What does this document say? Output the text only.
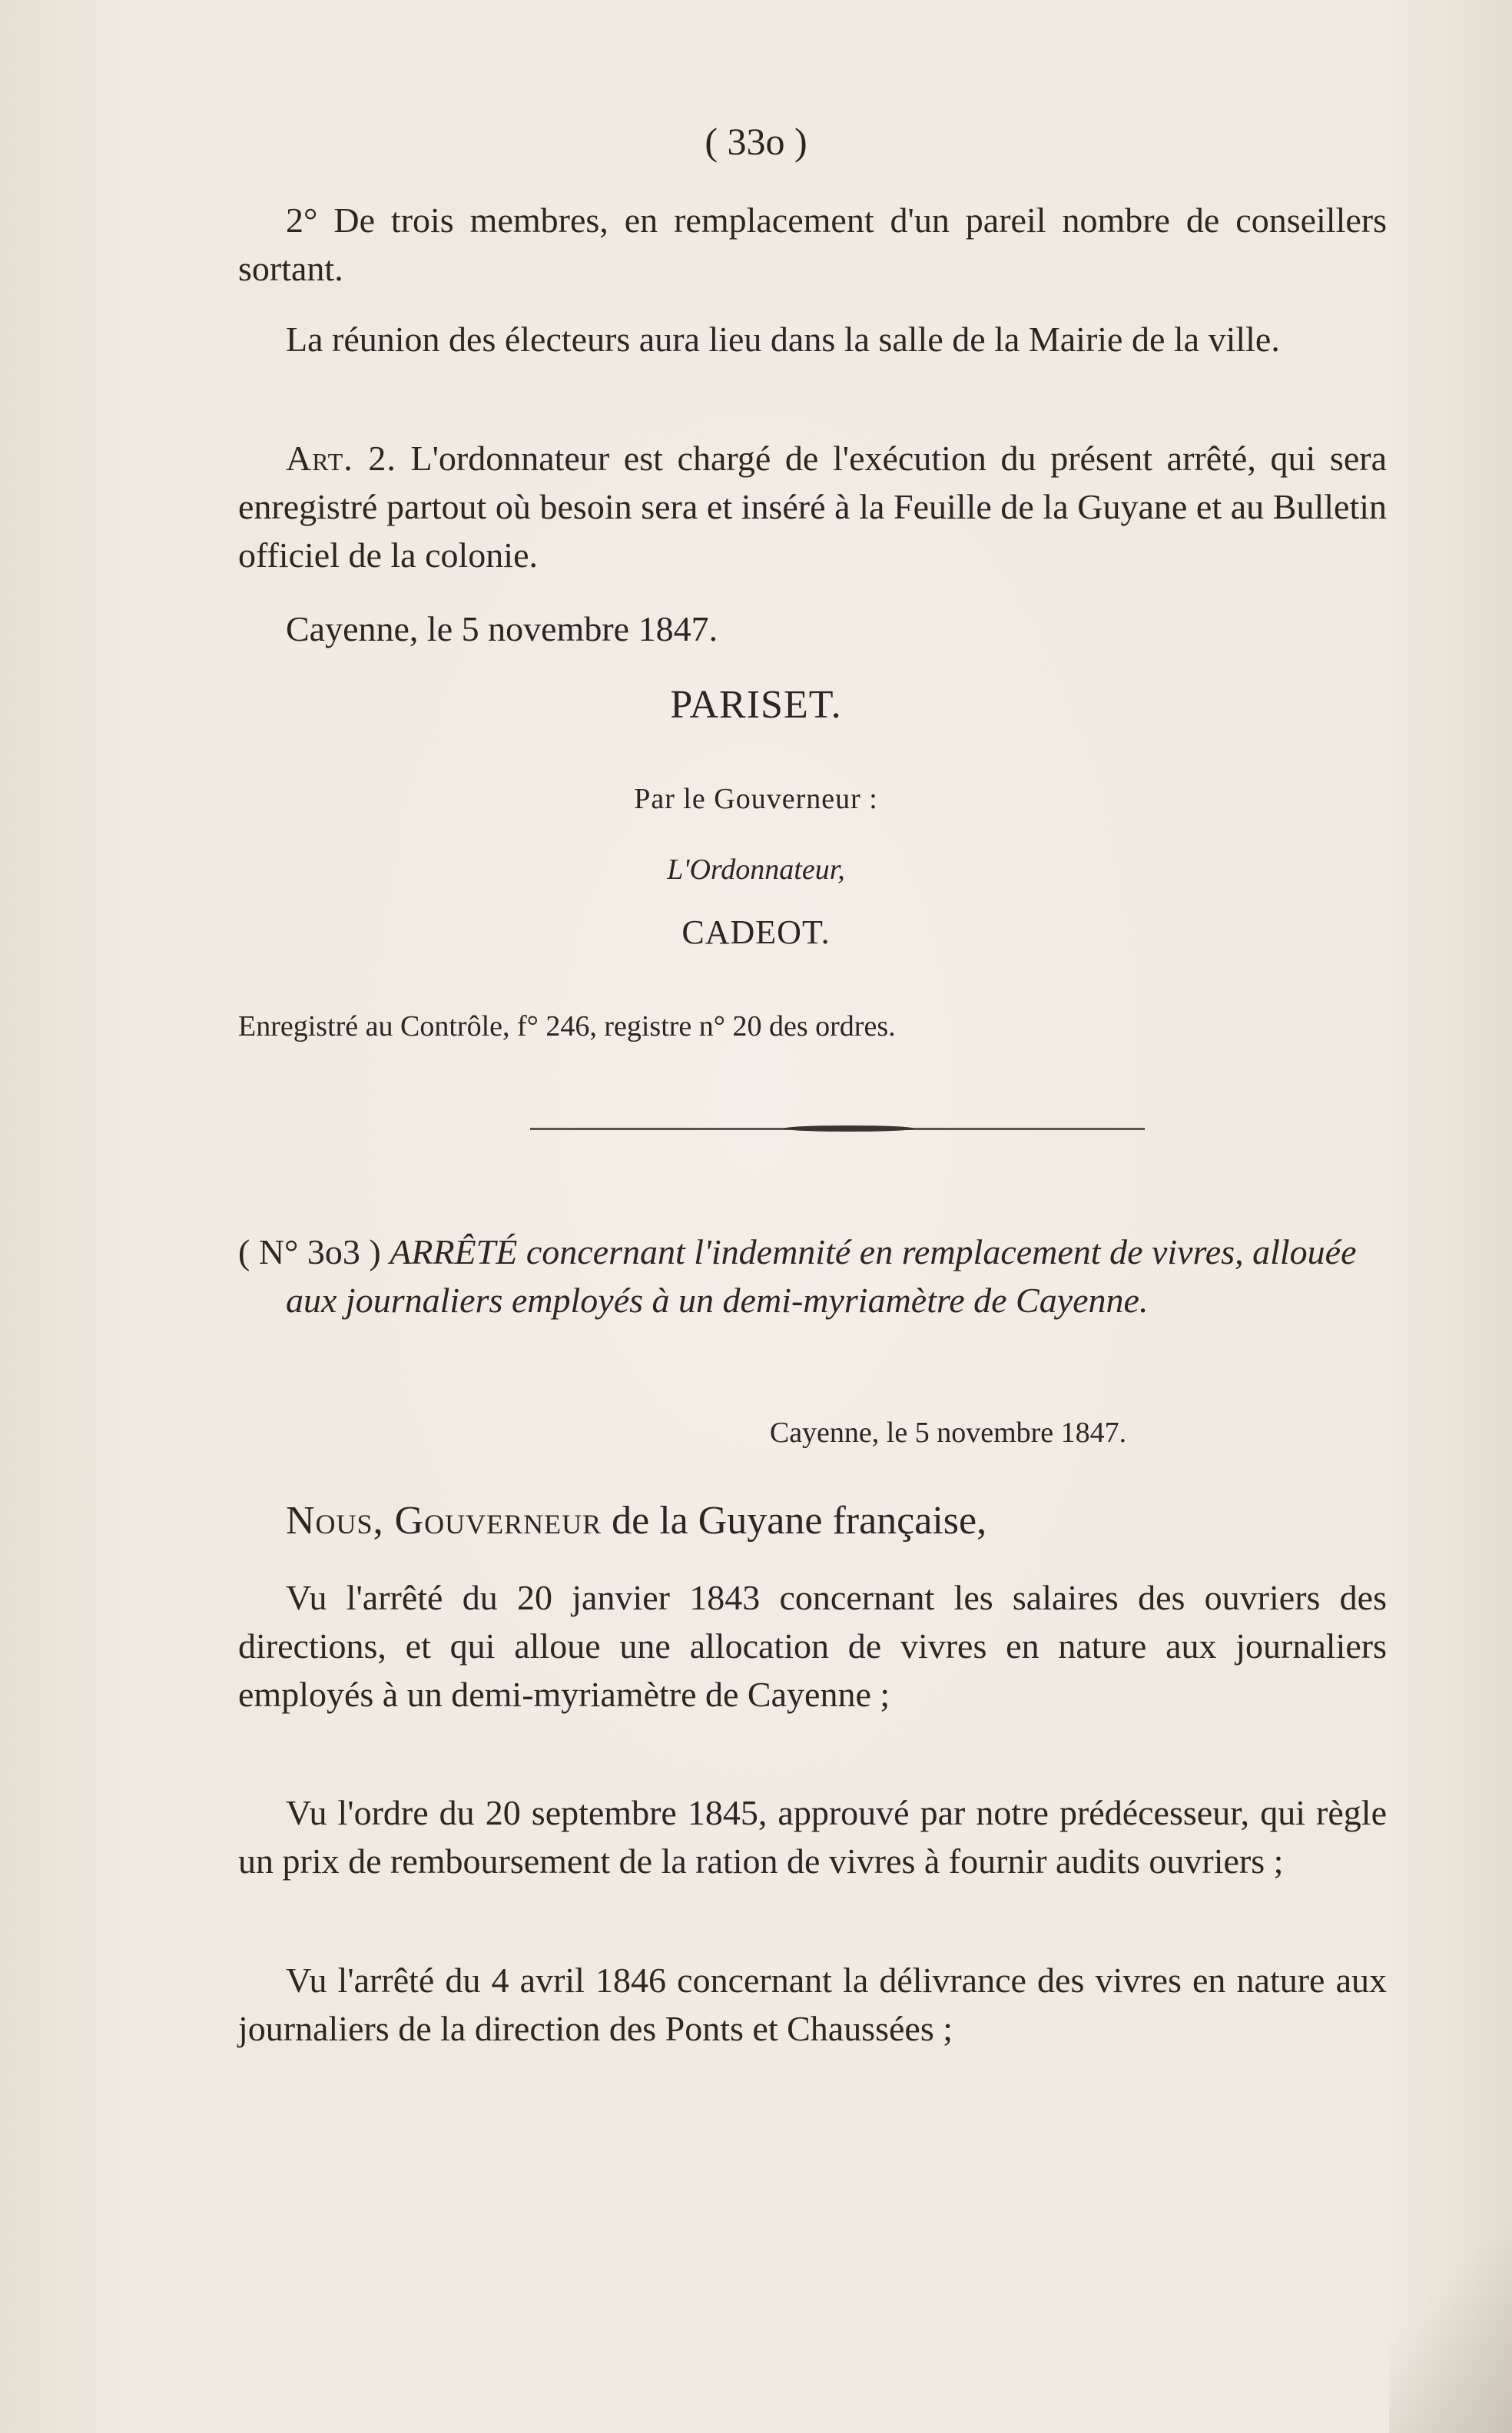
( 33o )
2° De trois membres, en remplacement d'un pareil nombre de conseillers sortant.
La réunion des électeurs aura lieu dans la salle de la Mairie de la ville.
Art. 2. L'ordonnateur est chargé de l'exécution du présent arrêté, qui sera enregistré partout où besoin sera et inséré à la Feuille de la Guyane et au Bulletin officiel de la colonie.
Cayenne, le 5 novembre 1847.
PARISET.
Par le Gouverneur :
L'Ordonnateur,
CADEOT.
Enregistré au Contrôle, f° 246, registre n° 20 des ordres.
( N° 3o3 ) ARRÊTÉ concernant l'indemnité en remplacement de vivres, allouée aux journaliers employés à un demi-myriamètre de Cayenne.
Cayenne, le 5 novembre 1847.
Nous, Gouverneur de la Guyane française,
Vu l'arrêté du 20 janvier 1843 concernant les salaires des ouvriers des directions, et qui alloue une allocation de vivres en nature aux journaliers employés à un demi-myriamètre de Cayenne ;
Vu l'ordre du 20 septembre 1845, approuvé par notre prédécesseur, qui règle un prix de remboursement de la ration de vivres à fournir audits ouvriers ;
Vu l'arrêté du 4 avril 1846 concernant la délivrance des vivres en nature aux journaliers de la direction des Ponts et Chaussées ;
